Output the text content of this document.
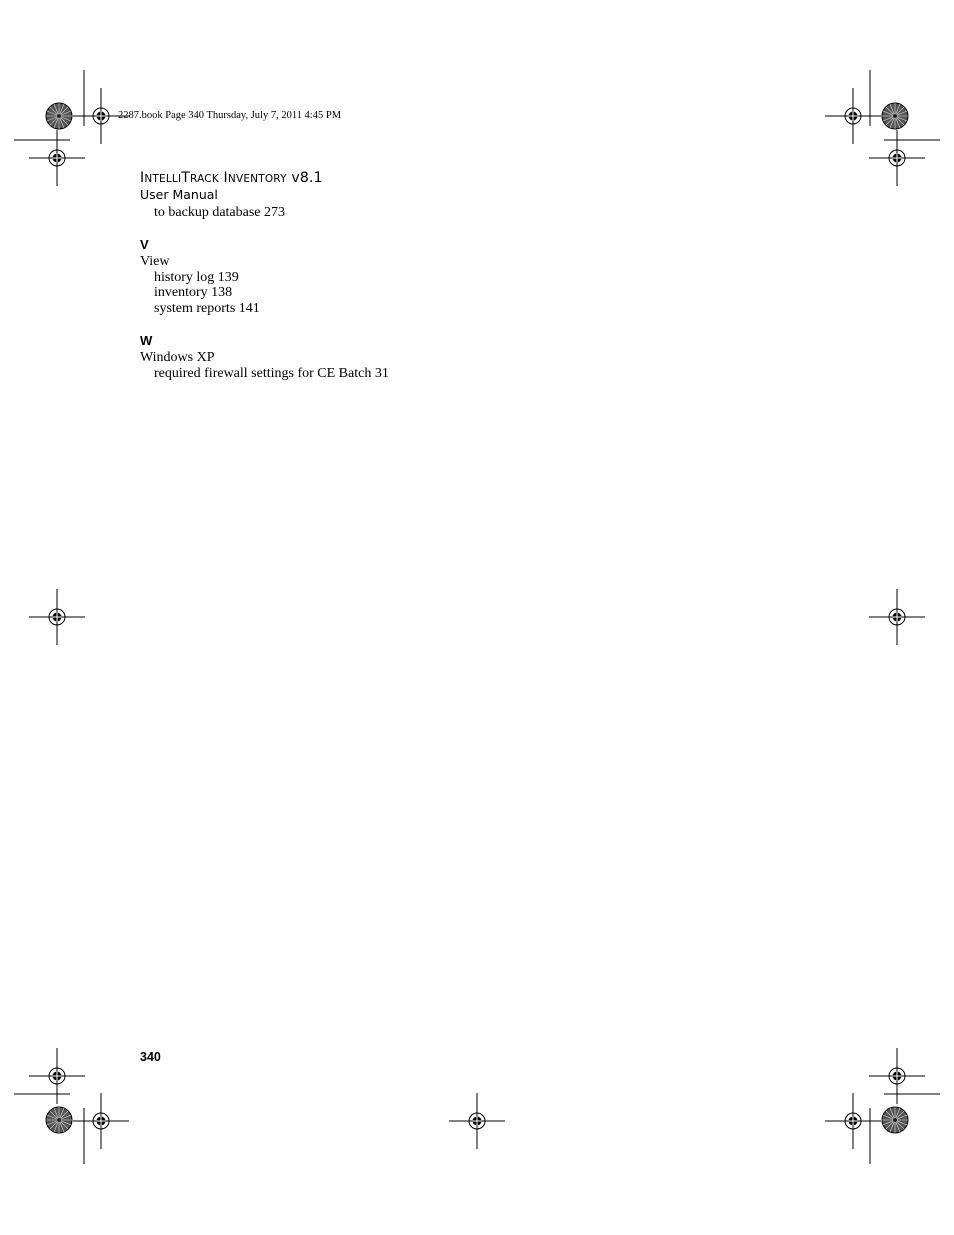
2287.book Page 340 Thursday, July 7, 2011 4:45 PM
INTELLITRACK INVENTORY v8.1
User Manual
to backup database 273
V
View
history log 139
inventory 138
system reports 141
W
Windows XP
required firewall settings for CE Batch 31
340
